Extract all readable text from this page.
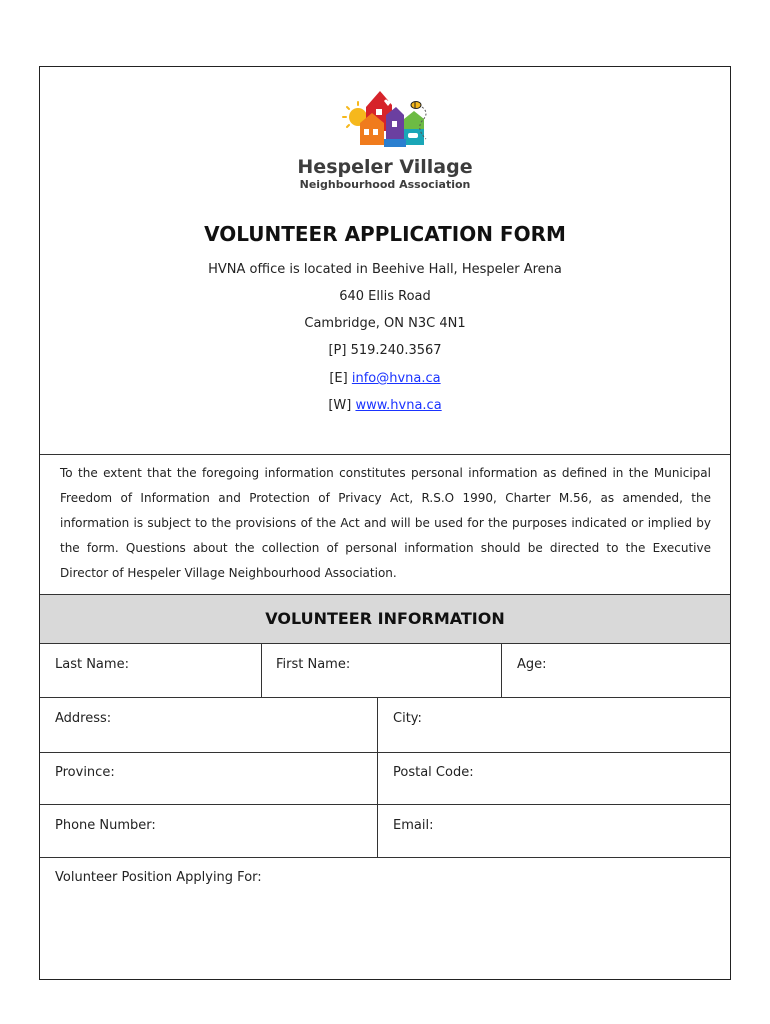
Hespeler Village
Neighbourhood Association
VOLUNTEER APPLICATION FORM
HVNA office is located in Beehive Hall, Hespeler Arena
640 Ellis Road
Cambridge, ON N3C 4N1
[P] 519.240.3567
[E] info@hvna.ca
[W] www.hvna.ca
To the extent that the foregoing information constitutes personal information as defined in the Municipal Freedom of Information and Protection of Privacy Act, R.S.O 1990, Charter M.56, as amended, the information is subject to the provisions of the Act and will be used for the purposes indicated or implied by the form. Questions about the collection of personal information should be directed to the Executive Director of Hespeler Village Neighbourhood Association.
VOLUNTEER INFORMATION
Last Name:	First Name:	Age:
Address:	City:
Province:	Postal Code:
Phone Number:	Email:
Volunteer Position Applying For:
